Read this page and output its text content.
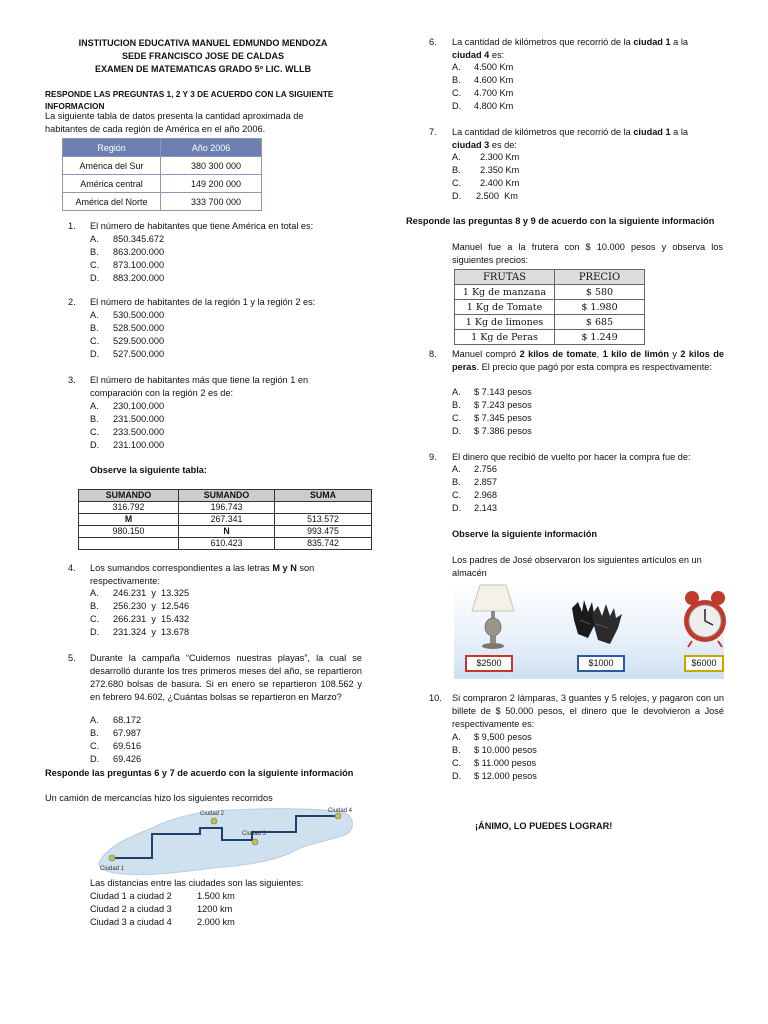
INSTITUCION EDUCATIVA MANUEL EDMUNDO MENDOZA
SEDE FRANCISCO JOSE DE CALDAS
EXAMEN DE MATEMATICAS GRADO 5º LIC. WLLB
RESPONDE LAS PREGUNTAS 1, 2 Y 3 DE ACUERDO CON LA SIGUIENTE
INFORMACION
La siguiente tabla de datos presenta la cantidad aproximada de
habitantes de cada región de América en el año 2006.
Región	Año 2006
América del Sur	380 300 000
América central	149 200 000
América del Norte	333 700 000
1. El número de habitantes que tiene América en total es:
A. 850.345.672
B. 863.200.000
C. 873.100.000
D. 883.200.000
2. El número de habitantes de la región 1 y la región 2 es:
A. 530.500.000
B. 528.500.000
C. 529.500.000
D. 527.500.000
3. El número de habitantes más que tiene la región 1 en
comparación con la región 2 es de:
A. 230.100.000
B. 231.500.000
C. 233.500.000
D. 231.100.000
Observe la siguiente tabla:
SUMANDO	SUMANDO	SUMA
316.792	196.743	
M	267.341	513.572
980.150	N	993.475
	610.423	835.742
4. Los sumandos correspondientes a las letras M y N son
respectivamente:
A. 246.231  y  13.325
B. 256.230  y  12.546
C. 266.231  y  15.432
D. 231.324  y  13.678
5. Durante la campaña “Cuidemos nuestras playas”, la cual se desarrolló durante los tres primeros meses del año, se repartieron 272.680 bolsas de basura. Si en enero se repartieron 108.562 y en febrero 94.602, ¿Cuántas bolsas se repartieron en Marzo?
A. 68.172
B. 67.987
C. 69.516
D. 69.426
Responde las preguntas 6 y 7 de acuerdo con la siguiente información
Un camión de mercancías hizo los siguientes recorridos
Ciudad 1
Ciudad 2
Ciudad 3
Ciudad 4
Las distancias entre las ciudades son las siguientes:
Ciudad 1 a ciudad 2	1.500 km
Ciudad 2 a ciudad 3	1200 km
Ciudad 3 a ciudad 4	2.000 km
6. La cantidad de kilómetros que recorrió de la ciudad 1 a la
ciudad 4 es:
A. 4.500 Km
B. 4.600 Km
C. 4.700 Km
D. 4.800 Km
7. La cantidad de kilómetros que recorrió de la ciudad 1 a la
ciudad 3 es de:
A. 2.300 Km
B. 2.350 Km
C. 2.400 Km
D. 2.500  Km
Responde las preguntas 8 y 9 de acuerdo con la siguiente información
Manuel fue a la frutera con $ 10.000 pesos y observa los siguientes precios:
FRUTAS	PRECIO
1 Kg de manzana	$ 580
1 Kg de Tomate	$ 1.980
1 Kg de limones	$ 685
1 Kg de Peras	$ 1.249
8. Manuel compró 2 kilos de tomate, 1 kilo de limón y 2 kilos de peras. El precio que pagó por esta compra es respectivamente:
A. $ 7.143 pesos
B. $ 7.243 pesos
C. $ 7.345 pesos
D. $ 7.386 pesos
9. El dinero que recibió de vuelto por hacer la compra fue de:
A. 2.756
B. 2.857
C. 2.968
D. 2.143
Observe la siguiente información
Los padres de José observaron los siguientes artículos en un almacén
$2500	$1000	$6000
10. Si compraron 2 lámparas, 3 guantes y 5 relojes, y pagaron con un billete de $ 50.000 pesos, el dinero que le devolvieron a José respectivamente es:
A. $ 9,500 pesos
B. $ 10.000 pesos
C. $ 11.000 pesos
D. $ 12.000 pesos
¡ÁNIMO, LO PUEDES LOGRAR!
